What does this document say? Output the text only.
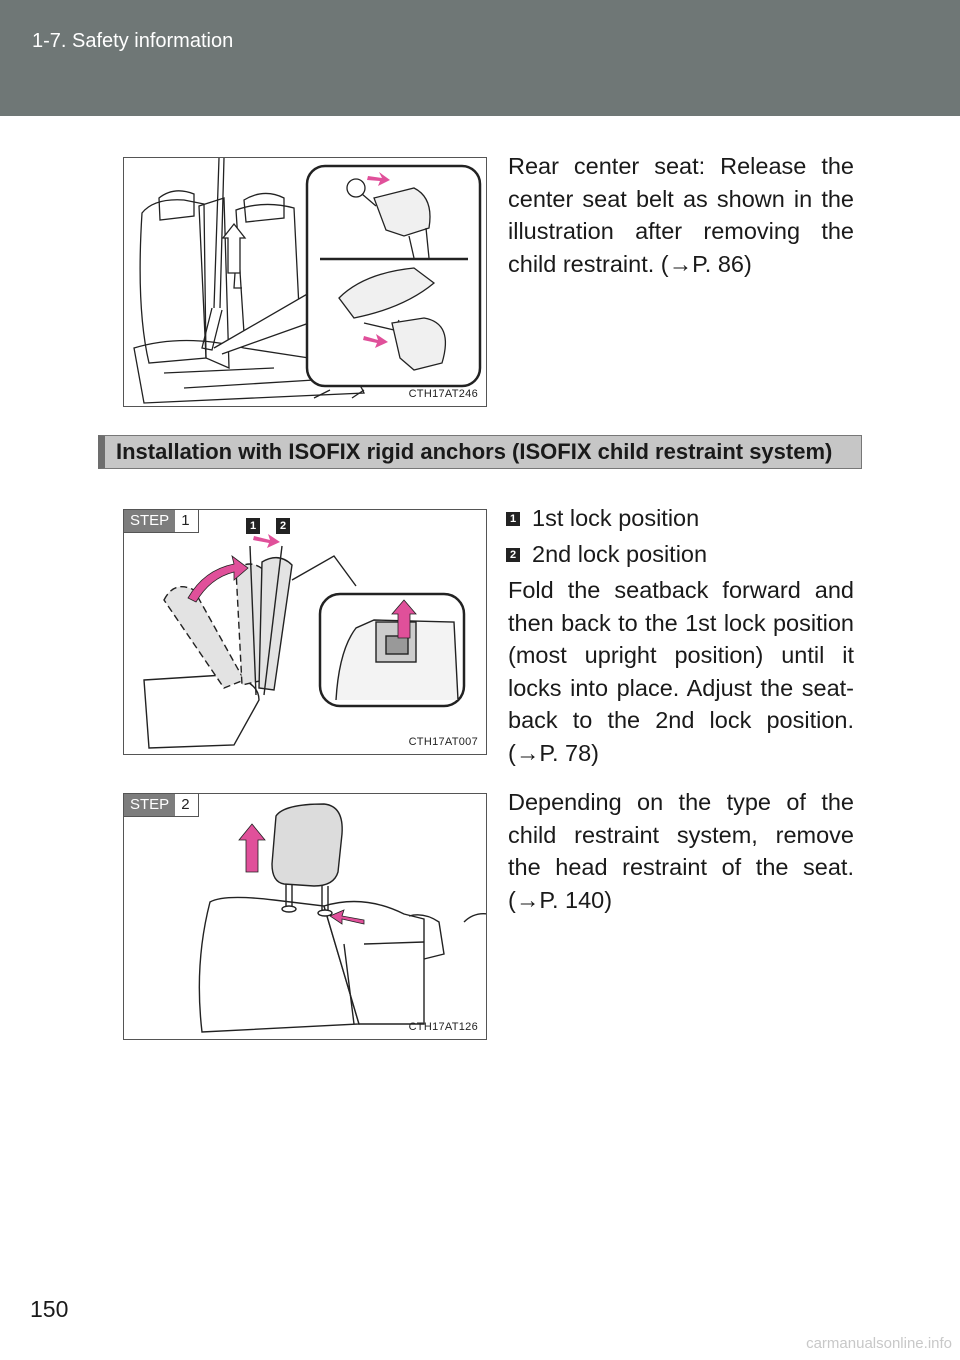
1-7. Safety information
CTH17AT246

Rear center seat: Release the center seat belt as shown in the illustration after removing the child restraint. (→P. 86)

Installation with ISOFIX rigid anchors (ISOFIX child restraint system)
STEP 1	1	2
CTH17AT007
1 1st lock position
2 2nd lock position

Fold the seatback forward and then back to the 1st lock position (most upright position) until it locks into place. Adjust the seat-back to the 2nd lock position. (→P. 78)

STEP 2
CTH17AT126

Depending on the type of the child restraint system, remove the head restraint of the seat. (→P. 140)

150
carmanualsonline.info
